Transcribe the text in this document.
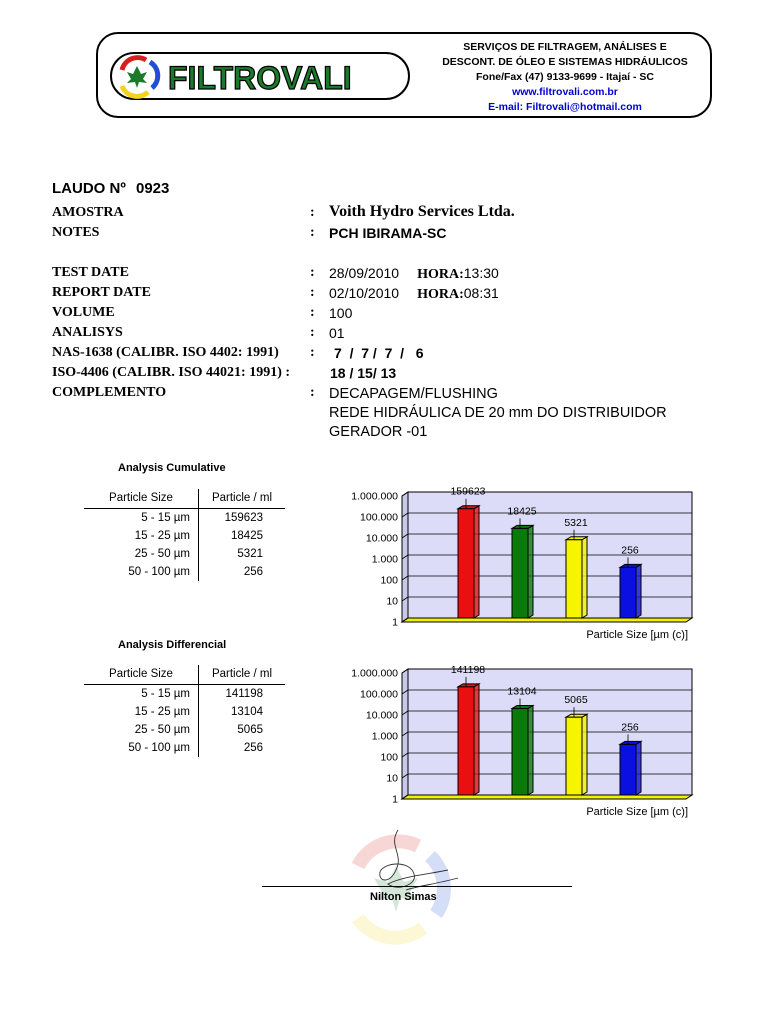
FILTROVALI
SERVIÇOS DE FILTRAGEM, ANÁLISES E
DESCONT. DE ÓLEO E SISTEMAS HIDRÁULICOS
Fone/Fax (47) 9133-9699 - Itajaí - SC
www.filtrovali.com.br
E-mail: Filtrovali@hotmail.com
LAUDO Nº 0923
AMOSTRA	: Voith Hydro Services Ltda.
NOTES	: PCH IBIRAMA-SC
TEST DATE	: 28/09/2010 HORA:13:30
REPORT DATE	: 02/10/2010 HORA:08:31
VOLUME	: 100
ANALISYS	: 01
NAS-1638 (CALIBR. ISO 4402: 1991) : 7  /  7 /  7  /   6
ISO-4406 (CALIBR. ISO 44021: 1991) :	18 / 15/ 13
COMPLEMENTO	: DECAPAGEM/FLUSHING
REDE HIDRÁULICA DE 20 mm DO DISTRIBUIDOR
GERADOR -01
Analysis Cumulative
Particle Size	Particle / ml
5 - 15 µm	159623
15 - 25 µm	18425
25 - 50 µm	5321
50 - 100 µm	256
1
10
100
1.000
10.000
100.000
1.000.000	159623
18425
5321
256
Particle Size [µm (c)]
Analysis Differencial
Particle Size	Particle / ml
5 - 15 µm	141198
15 - 25 µm	13104
25 - 50 µm	5065
50 - 100 µm	256
1
10
100
1.000
10.000
100.000
1.000.000	141198
13104
5065
256
Particle Size [µm (c)]
Nilton Simas
